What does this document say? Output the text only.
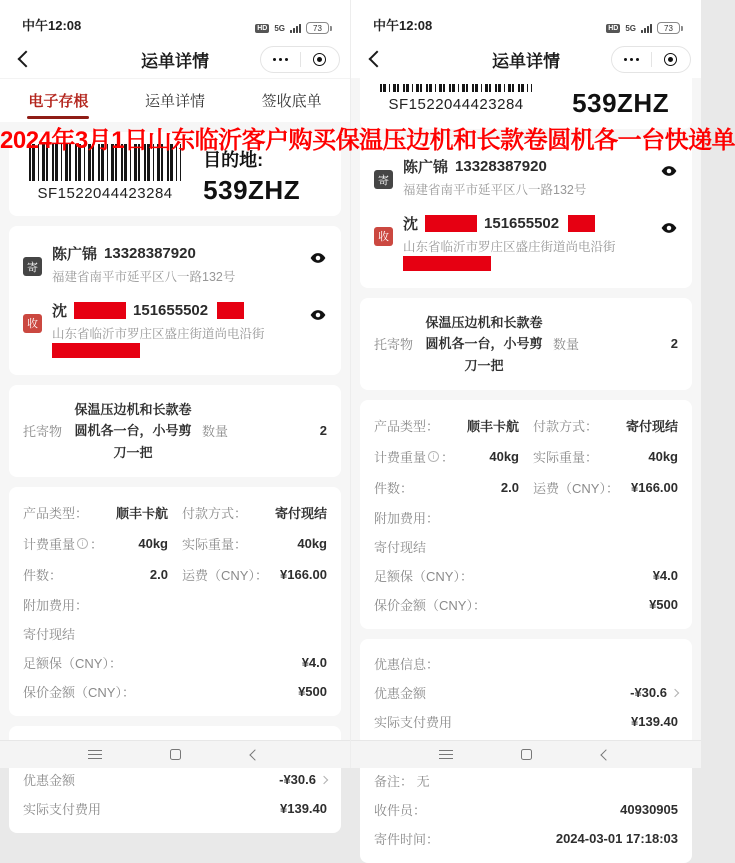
中午12:08	HD 5G	73
运单详情
电子存根	运单详情	签收底单
SF1522044423284
目的地:
539ZHZ
寄
陈广锦 13328387920
福建省南平市延平区八一路132号
收
沈	151655502
山东省临沂市罗庄区盛庄街道尚电沿街
托寄物
保温压边机和长款卷圆机各一台，小号剪刀一把
数量	2
产品类型： 顺丰卡航 付款方式： 寄付现结
计费重量 i ：	40kg 实际重量：	40kg
件数：	2.0 运费（CNY）： ¥166.00
附加费用：
寄付现结
足额保（CNY）：	¥4.0
保价金额（CNY）：	¥500
优惠金额	-¥30.6
实际支付费用	¥139.40
中午12:08	HD 5G	73
运单详情
SF1522044423284	539ZHZ
寄
陈广锦 13328387920
福建省南平市延平区八一路132号
收
沈	151655502
山东省临沂市罗庄区盛庄街道尚电沿街
托寄物
保温压边机和长款卷圆机各一台，小号剪刀一把
数量	2
产品类型： 顺丰卡航 付款方式： 寄付现结
计费重量 i ：	40kg 实际重量：	40kg
件数：	2.0 运费（CNY）： ¥166.00
附加费用：
寄付现结
足额保（CNY）：	¥4.0
保价金额（CNY）：	¥500
优惠信息：
优惠金额	-¥30.6
实际支付费用	¥139.40
备注：
无
收件员：	40930905
寄件时间：	2024-03-01 17:18:03
2024年3月1日山东临沂客户购买保温压边机和长款卷圆机各一台快递单
